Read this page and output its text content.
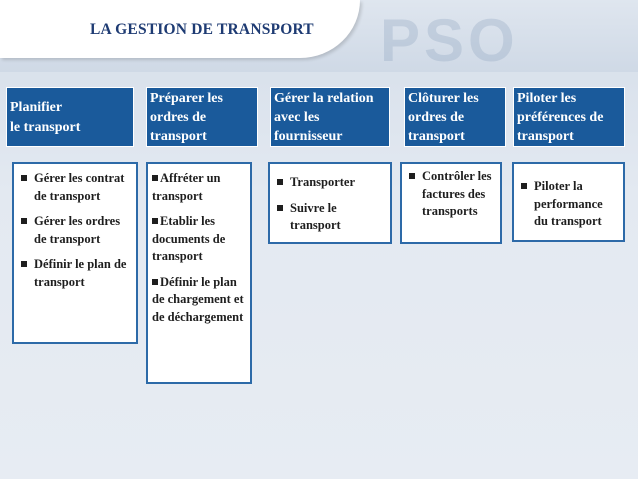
PSO
LA GESTION DE TRANSPORT
Planifier
le transport
Préparer les ordres de transport
Gérer la relation avec les fournisseur
Clôturer les ordres de transport
Piloter les préférences de transport
Gérer les contrat de transport
Gérer les ordres de transport
Définir le plan de transport
Affréter un transport
Etablir les documents de transport
Définir le plan de chargement et de déchargement
Transporter
Suivre le transport
Contrôler les factures des transports
Piloter la performance du transport
